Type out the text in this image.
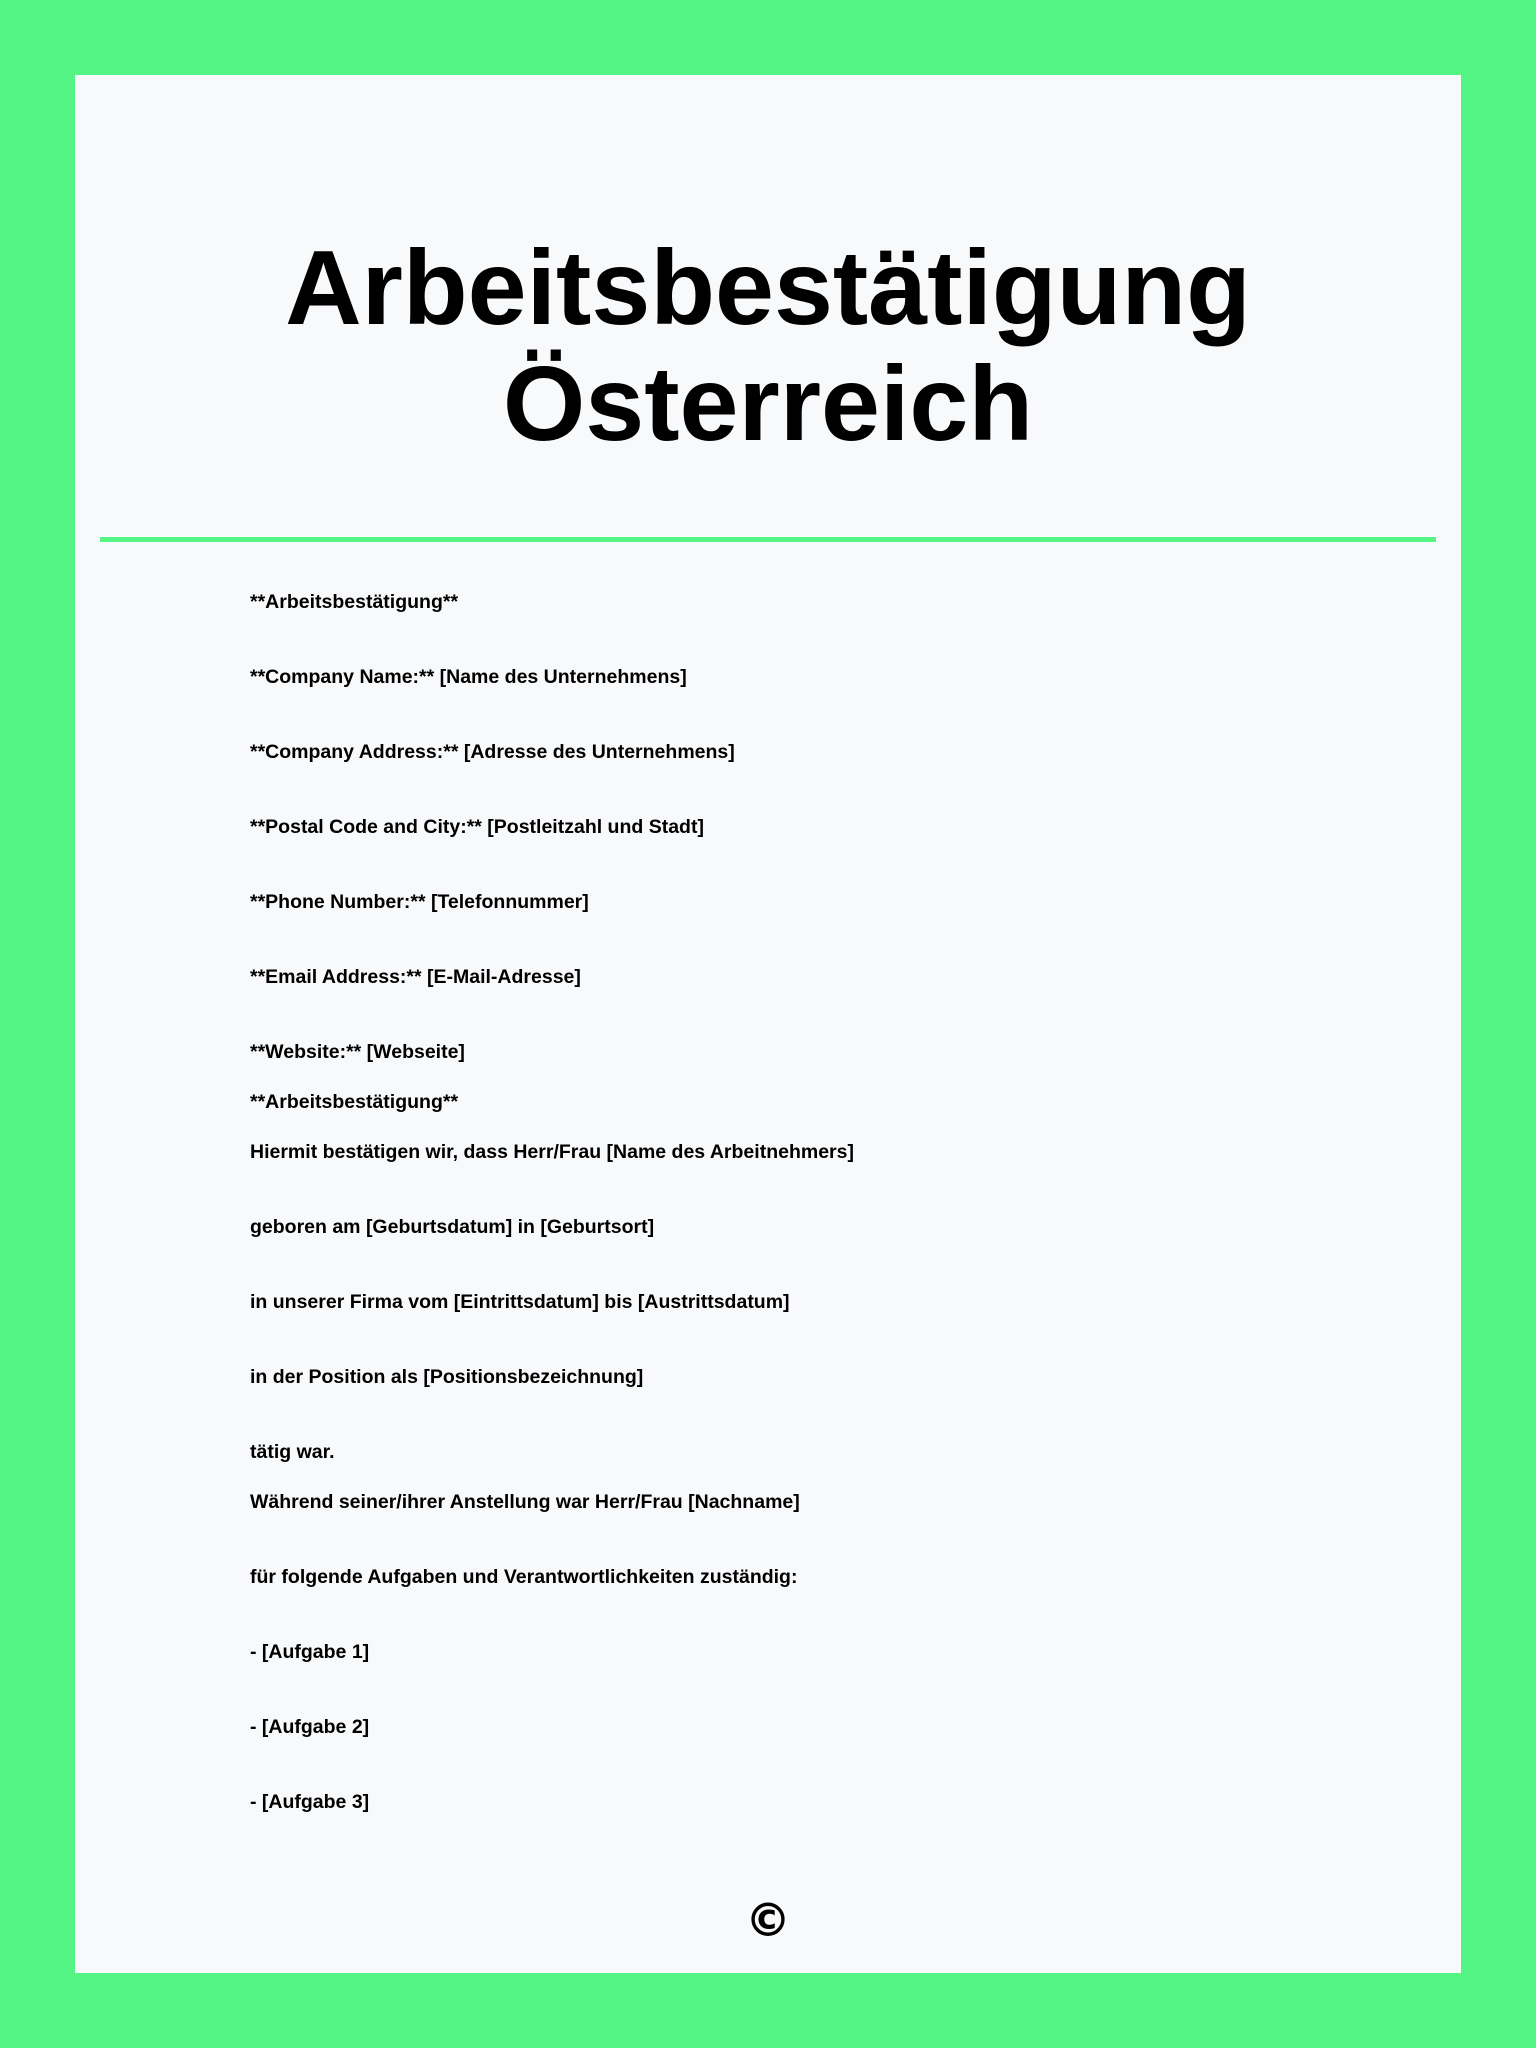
Arbeitsbestätigung
Österreich

**Arbeitsbestätigung**

**Company Name:** [Name des Unternehmens]

**Company Address:** [Adresse des Unternehmens]

**Postal Code and City:** [Postleitzahl und Stadt]

**Phone Number:** [Telefonnummer]

**Email Address:** [E-Mail-Adresse]

**Website:** [Webseite]

**Arbeitsbestätigung**

Hiermit bestätigen wir, dass Herr/Frau [Name des Arbeitnehmers]

geboren am [Geburtsdatum] in [Geburtsort]

in unserer Firma vom [Eintrittsdatum] bis [Austrittsdatum]

in der Position als [Positionsbezeichnung]

tätig war.

Während seiner/ihrer Anstellung war Herr/Frau [Nachname]

für folgende Aufgaben und Verantwortlichkeiten zuständig:

- [Aufgabe 1]

- [Aufgabe 2]

- [Aufgabe 3]

©
